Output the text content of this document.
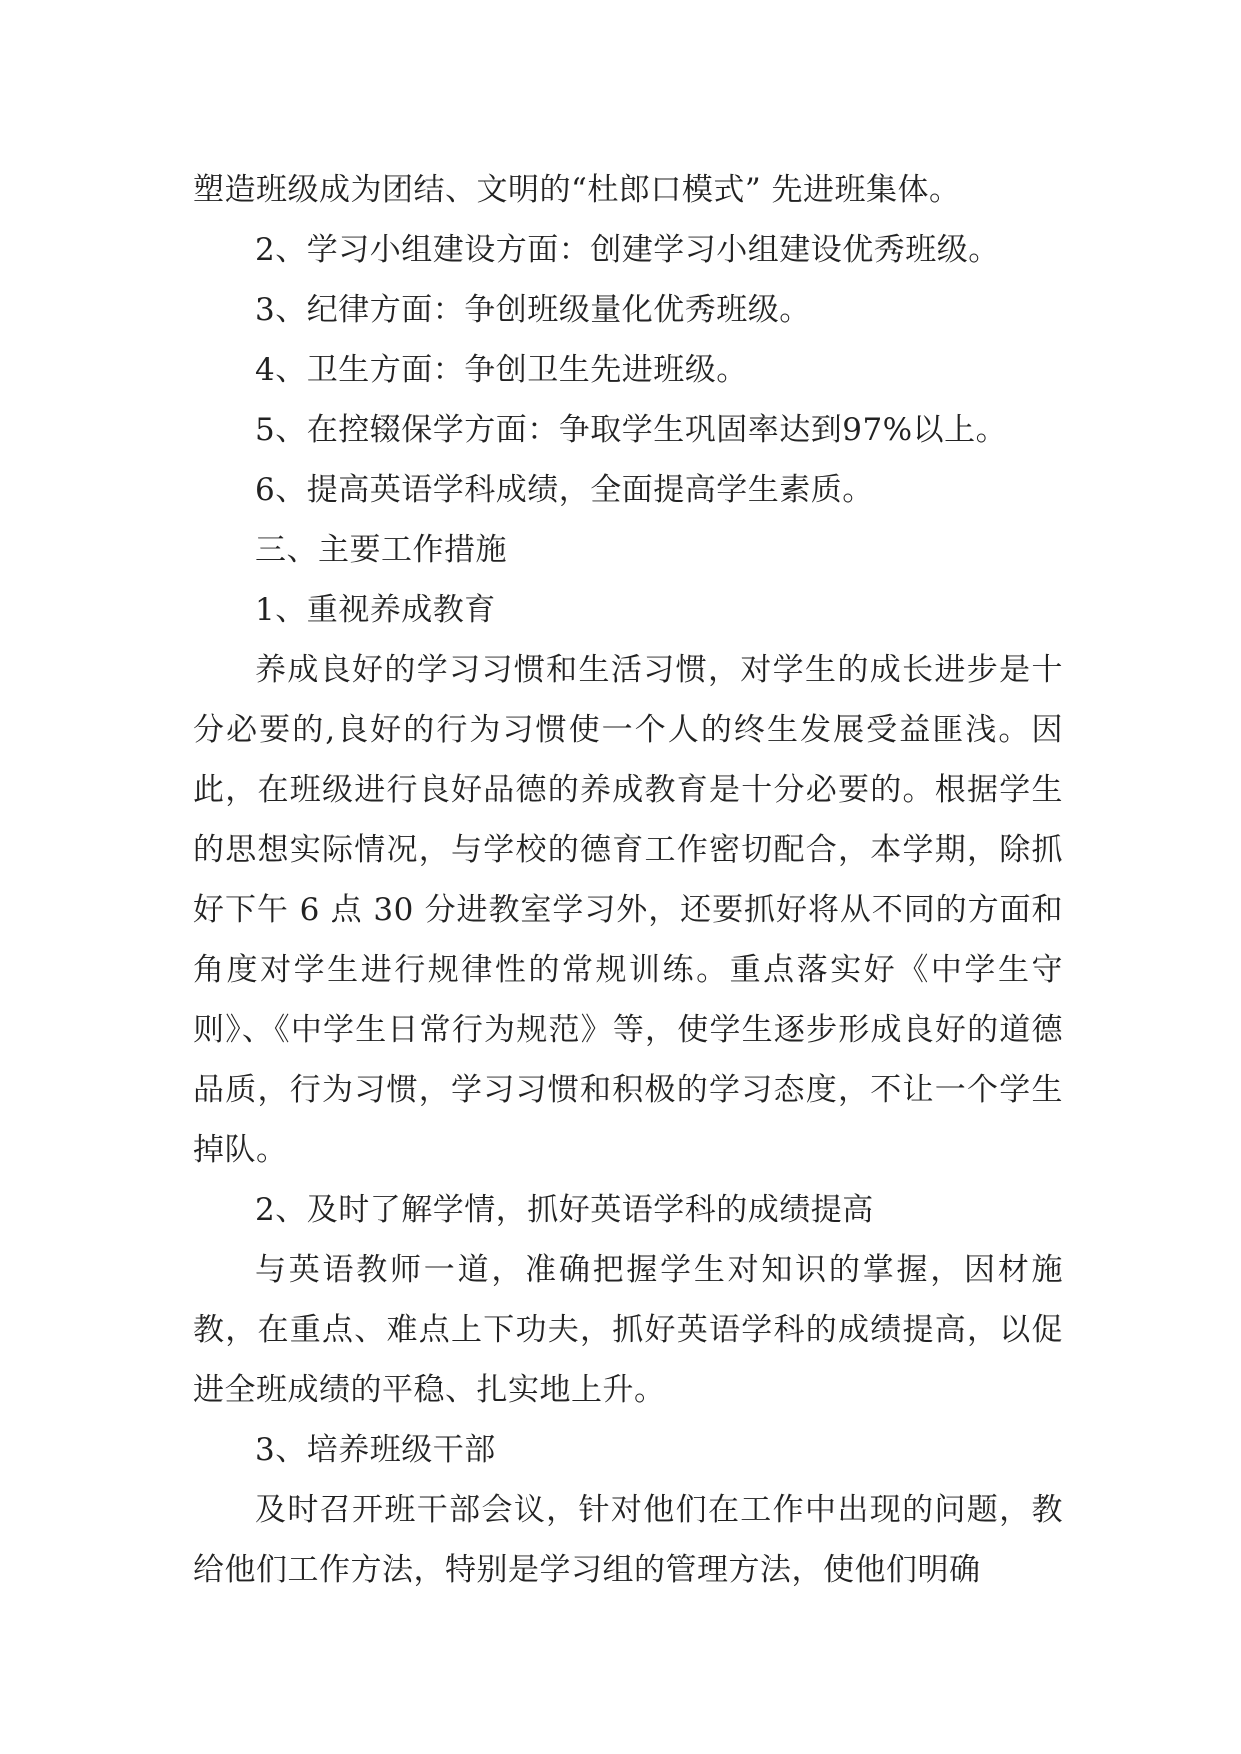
塑造班级成为团结、文明的“杜郎口模式” 先进班集体。

2、学习小组建设方面：创建学习小组建设优秀班级。

3、纪律方面：争创班级量化优秀班级。

4、卫生方面：争创卫生先进班级。

5、在控辍保学方面：争取学生巩固率达到97%以上。

6、提高英语学科成绩，全面提高学生素质。

三、主要工作措施

1、重视养成教育

养成良好的学习习惯和生活习惯，对学生的成长进步是十分必要的,良好的行为习惯使一个人的终生发展受益匪浅。因此，在班级进行良好品德的养成教育是十分必要的。根据学生的思想实际情况，与学校的德育工作密切配合，本学期，除抓好下午 6 点 30 分进教室学习外，还要抓好将从不同的方面和角度对学生进行规律性的常规训练。重点落实好《中学生守则》、《中学生日常行为规范》等，使学生逐步形成良好的道德品质，行为习惯，学习习惯和积极的学习态度，不让一个学生掉队。

2、及时了解学情，抓好英语学科的成绩提高

与英语教师一道，准确把握学生对知识的掌握，因材施教，在重点、难点上下功夫，抓好英语学科的成绩提高，以促进全班成绩的平稳、扎实地上升。

3、培养班级干部

及时召开班干部会议，针对他们在工作中出现的问题，教给他们工作方法，特别是学习组的管理方法，使他们明确
